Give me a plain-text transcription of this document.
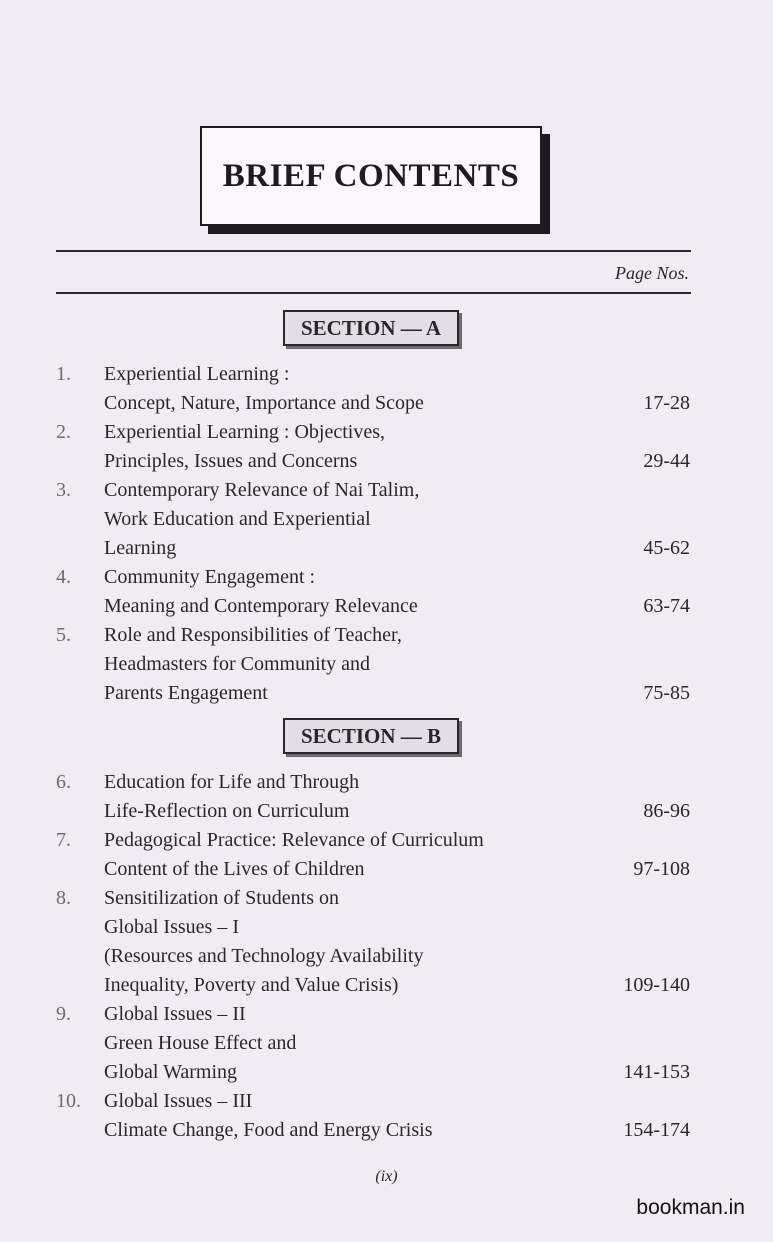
BRIEF CONTENTS
Page Nos.
SECTION — A
1. Experiential Learning :
Concept, Nature, Importance and Scope	17-28
2. Experiential Learning : Objectives,
Principles, Issues and Concerns	29-44
3. Contemporary Relevance of Nai Talim,
Work Education and Experiential
Learning	45-62
4. Community Engagement :
Meaning and Contemporary Relevance	63-74
5. Role and Responsibilities of Teacher,
Headmasters for Community and
Parents Engagement	75-85
SECTION — B
6. Education for Life and Through
Life-Reflection on Curriculum	86-96
7. Pedagogical Practice: Relevance of Curriculum
Content of the Lives of Children	97-108
8. Sensitilization of Students on
Global Issues – I
(Resources and Technology Availability
Inequality, Poverty and Value Crisis)	109-140
9. Global Issues – II
Green House Effect and
Global Warming	141-153
10. Global Issues – III
Climate Change, Food and Energy Crisis	154-174
(ix)
bookman.in
